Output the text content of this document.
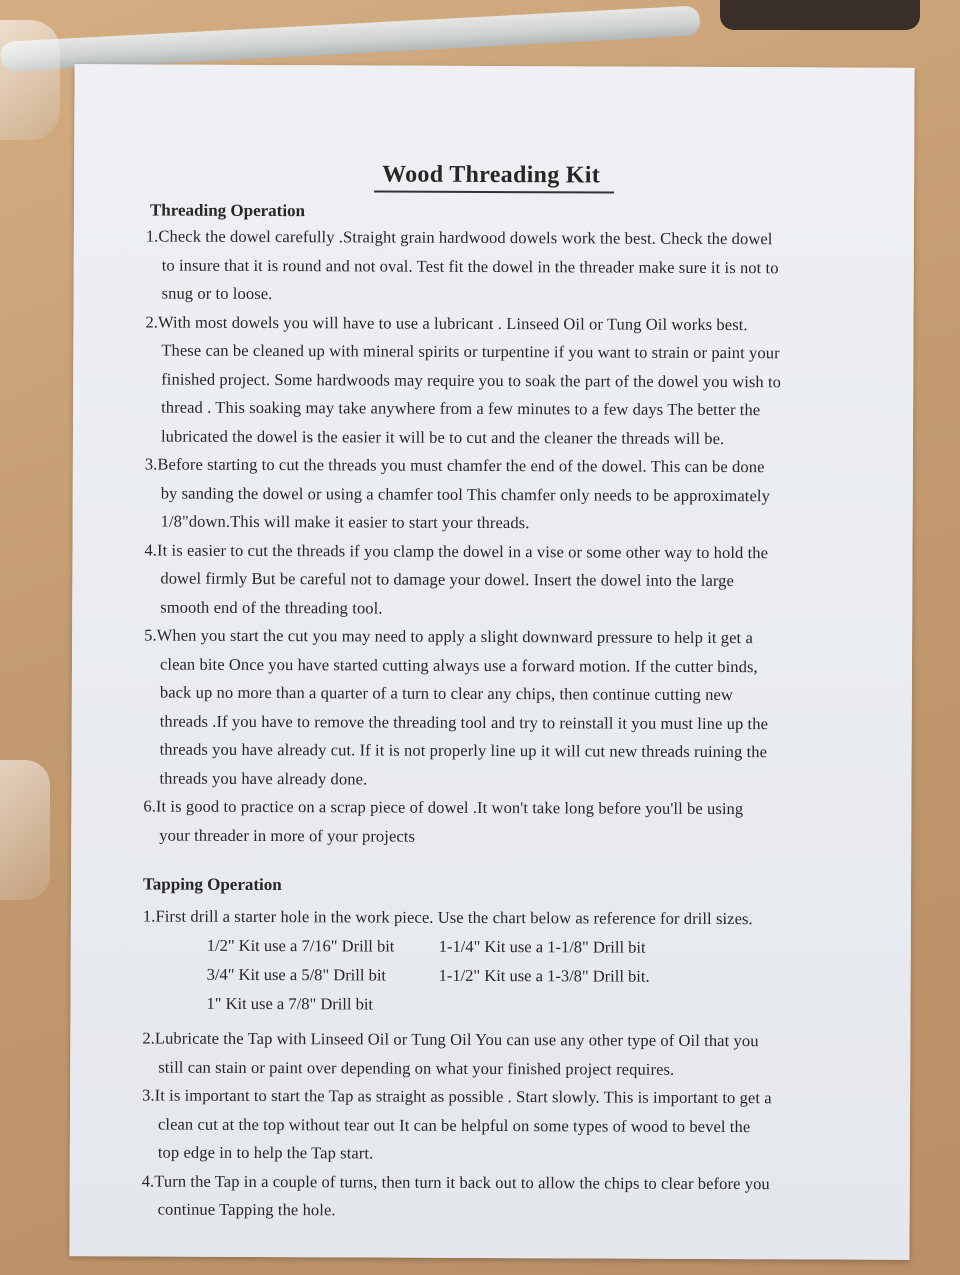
Wood Threading Kit
Threading Operation
1.Check the dowel carefully .Straight grain hardwood dowels work the best. Check the dowel
to insure that it is round and not oval. Test fit the dowel in the threader make sure it is not to
snug or to loose.
2.With most dowels you will have to use a lubricant . Linseed Oil or Tung Oil works best.
These can be cleaned up with mineral spirits or turpentine if you want to strain or paint your
finished project. Some hardwoods may require you to soak the part of the dowel you wish to
thread . This soaking may take anywhere from a few minutes to a few days The better the
lubricated the dowel is the easier it will be to cut and the cleaner the threads will be.
3.Before starting to cut the threads you must chamfer the end of the dowel. This can be done
by sanding the dowel or using a chamfer tool This chamfer only needs to be approximately
1/8"down.This will make it easier to start your threads.
4.It is easier to cut the threads if you clamp the dowel in a vise or some other way to hold the
dowel firmly But be careful not to damage your dowel. Insert the dowel into the large
smooth end of the threading tool.
5.When you start the cut you may need to apply a slight downward pressure to help it get a
clean bite Once you have started cutting always use a forward motion. If the cutter binds,
back up no more than a quarter of a turn to clear any chips, then continue cutting new
threads .If you have to remove the threading tool and try to reinstall it you must line up the
threads you have already cut. If it is not properly line up it will cut new threads ruining the
threads you have already done.
6.It is good to practice on a scrap piece of dowel .It won't take long before you'll be using
your threader in more of your projects
Tapping Operation
1.First drill a starter hole in the work piece. Use the chart below as reference for drill sizes.
1/2" Kit use a 7/16" Drill bit	1-1/4" Kit use a 1-1/8" Drill bit
3/4" Kit use a 5/8" Drill bit	1-1/2" Kit use a 1-3/8" Drill bit.
1" Kit use a 7/8" Drill bit
2.Lubricate the Tap with Linseed Oil or Tung Oil You can use any other type of Oil that you
still can stain or paint over depending on what your finished project requires.
3.It is important to start the Tap as straight as possible . Start slowly. This is important to get a
clean cut at the top without tear out It can be helpful on some types of wood to bevel the
top edge in to help the Tap start.
4.Turn the Tap in a couple of turns, then turn it back out to allow the chips to clear before you
continue Tapping the hole.
